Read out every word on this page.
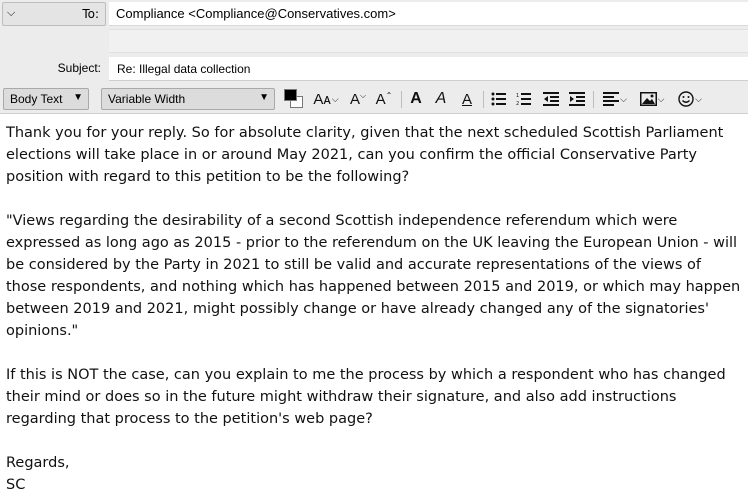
⌵	To:	Compliance <Compliance@Conservatives.com>
Subject:	Re: Illegal data collection
Body Text ▼	Variable Width	▼	Aᴀ ⌵ A⌵ A⌃ A A A	1
2
⌵	⌵	⌵

Thank you for your reply. So for absolute clarity, given that the next scheduled Scottish Parliament elections will take place in or around May 2021, can you confirm the official Conservative Party position with regard to this petition to be the following?

"Views regarding the desirability of a second Scottish independence referendum which were expressed as long ago as 2015 - prior to the referendum on the UK leaving the European Union - will be considered by the Party in 2021 to still be valid and accurate representations of the views of those respondents, and nothing which has happened between 2015 and 2019, or which may happen between 2019 and 2021, might possibly change or have already changed any of the signatories' opinions."

If this is NOT the case, can you explain to me the process by which a respondent who has changed their mind or does so in the future might withdraw their signature, and also add instructions regarding that process to the petition's web page?

Regards,

SC
